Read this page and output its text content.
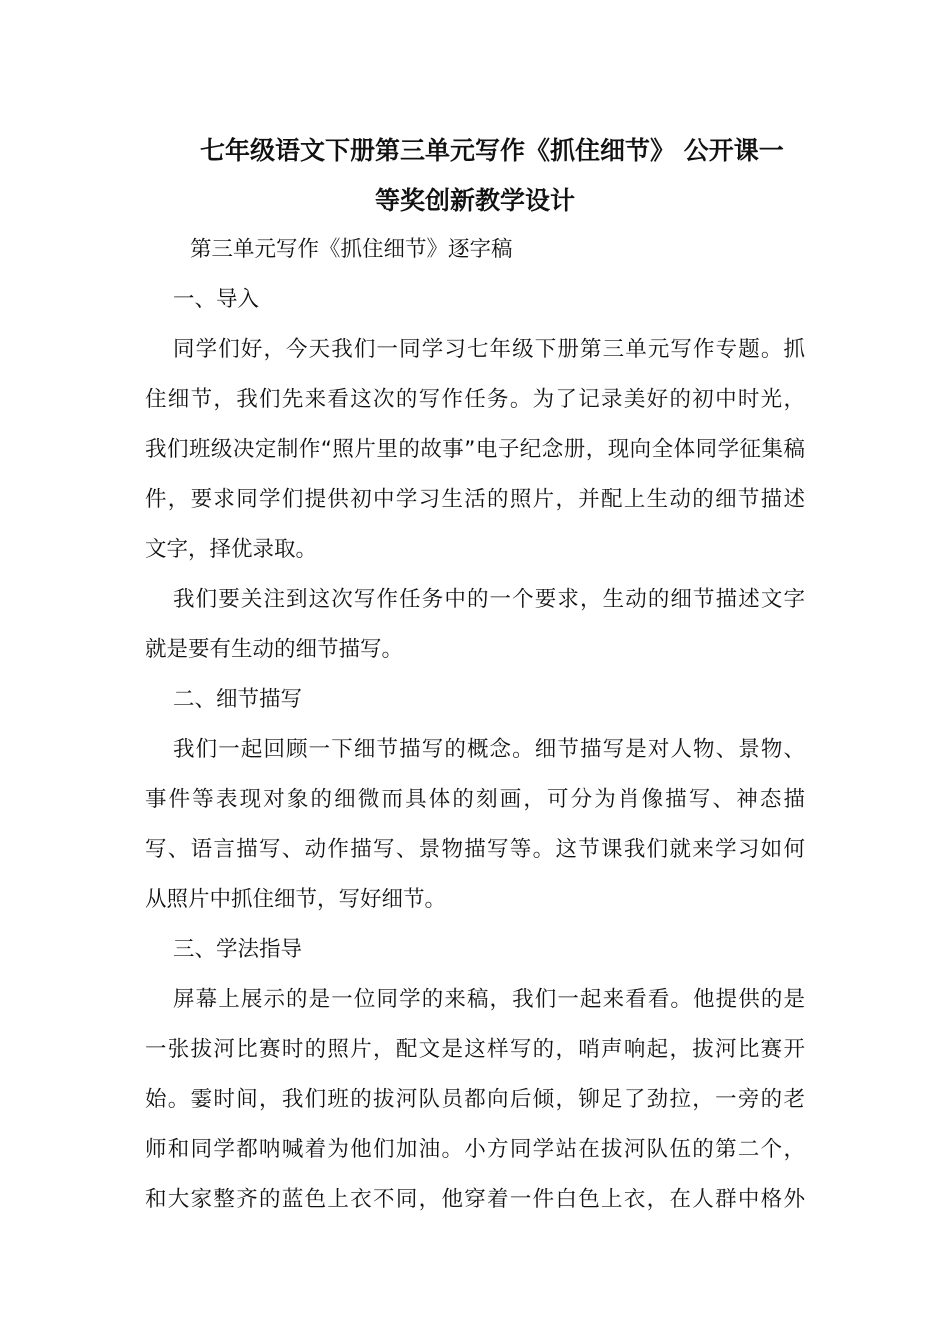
七年级语文下册第三单元写作《抓住细节》 公开课一
等奖创新教学设计
第三单元写作《抓住细节》逐字稿
一、导入
同学们好，今天我们一同学习七年级下册第三单元写作专题。抓
住细节，我们先来看这次的写作任务。为了记录美好的初中时光，
我们班级决定制作“照片里的故事”电子纪念册，现向全体同学征集稿
件，要求同学们提供初中学习生活的照片，并配上生动的细节描述
文字，择优录取。
我们要关注到这次写作任务中的一个要求，生动的细节描述文字
就是要有生动的细节描写。
二、细节描写
我们一起回顾一下细节描写的概念。细节描写是对人物、景物、
事件等表现对象的细微而具体的刻画，可分为肖像描写、神态描
写、语言描写、动作描写、景物描写等。这节课我们就来学习如何
从照片中抓住细节，写好细节。
三、学法指导
屏幕上展示的是一位同学的来稿，我们一起来看看。他提供的是
一张拔河比赛时的照片，配文是这样写的，哨声响起，拔河比赛开
始。霎时间，我们班的拔河队员都向后倾，铆足了劲拉，一旁的老
师和同学都呐喊着为他们加油。小方同学站在拔河队伍的第二个，
和大家整齐的蓝色上衣不同，他穿着一件白色上衣，在人群中格外
